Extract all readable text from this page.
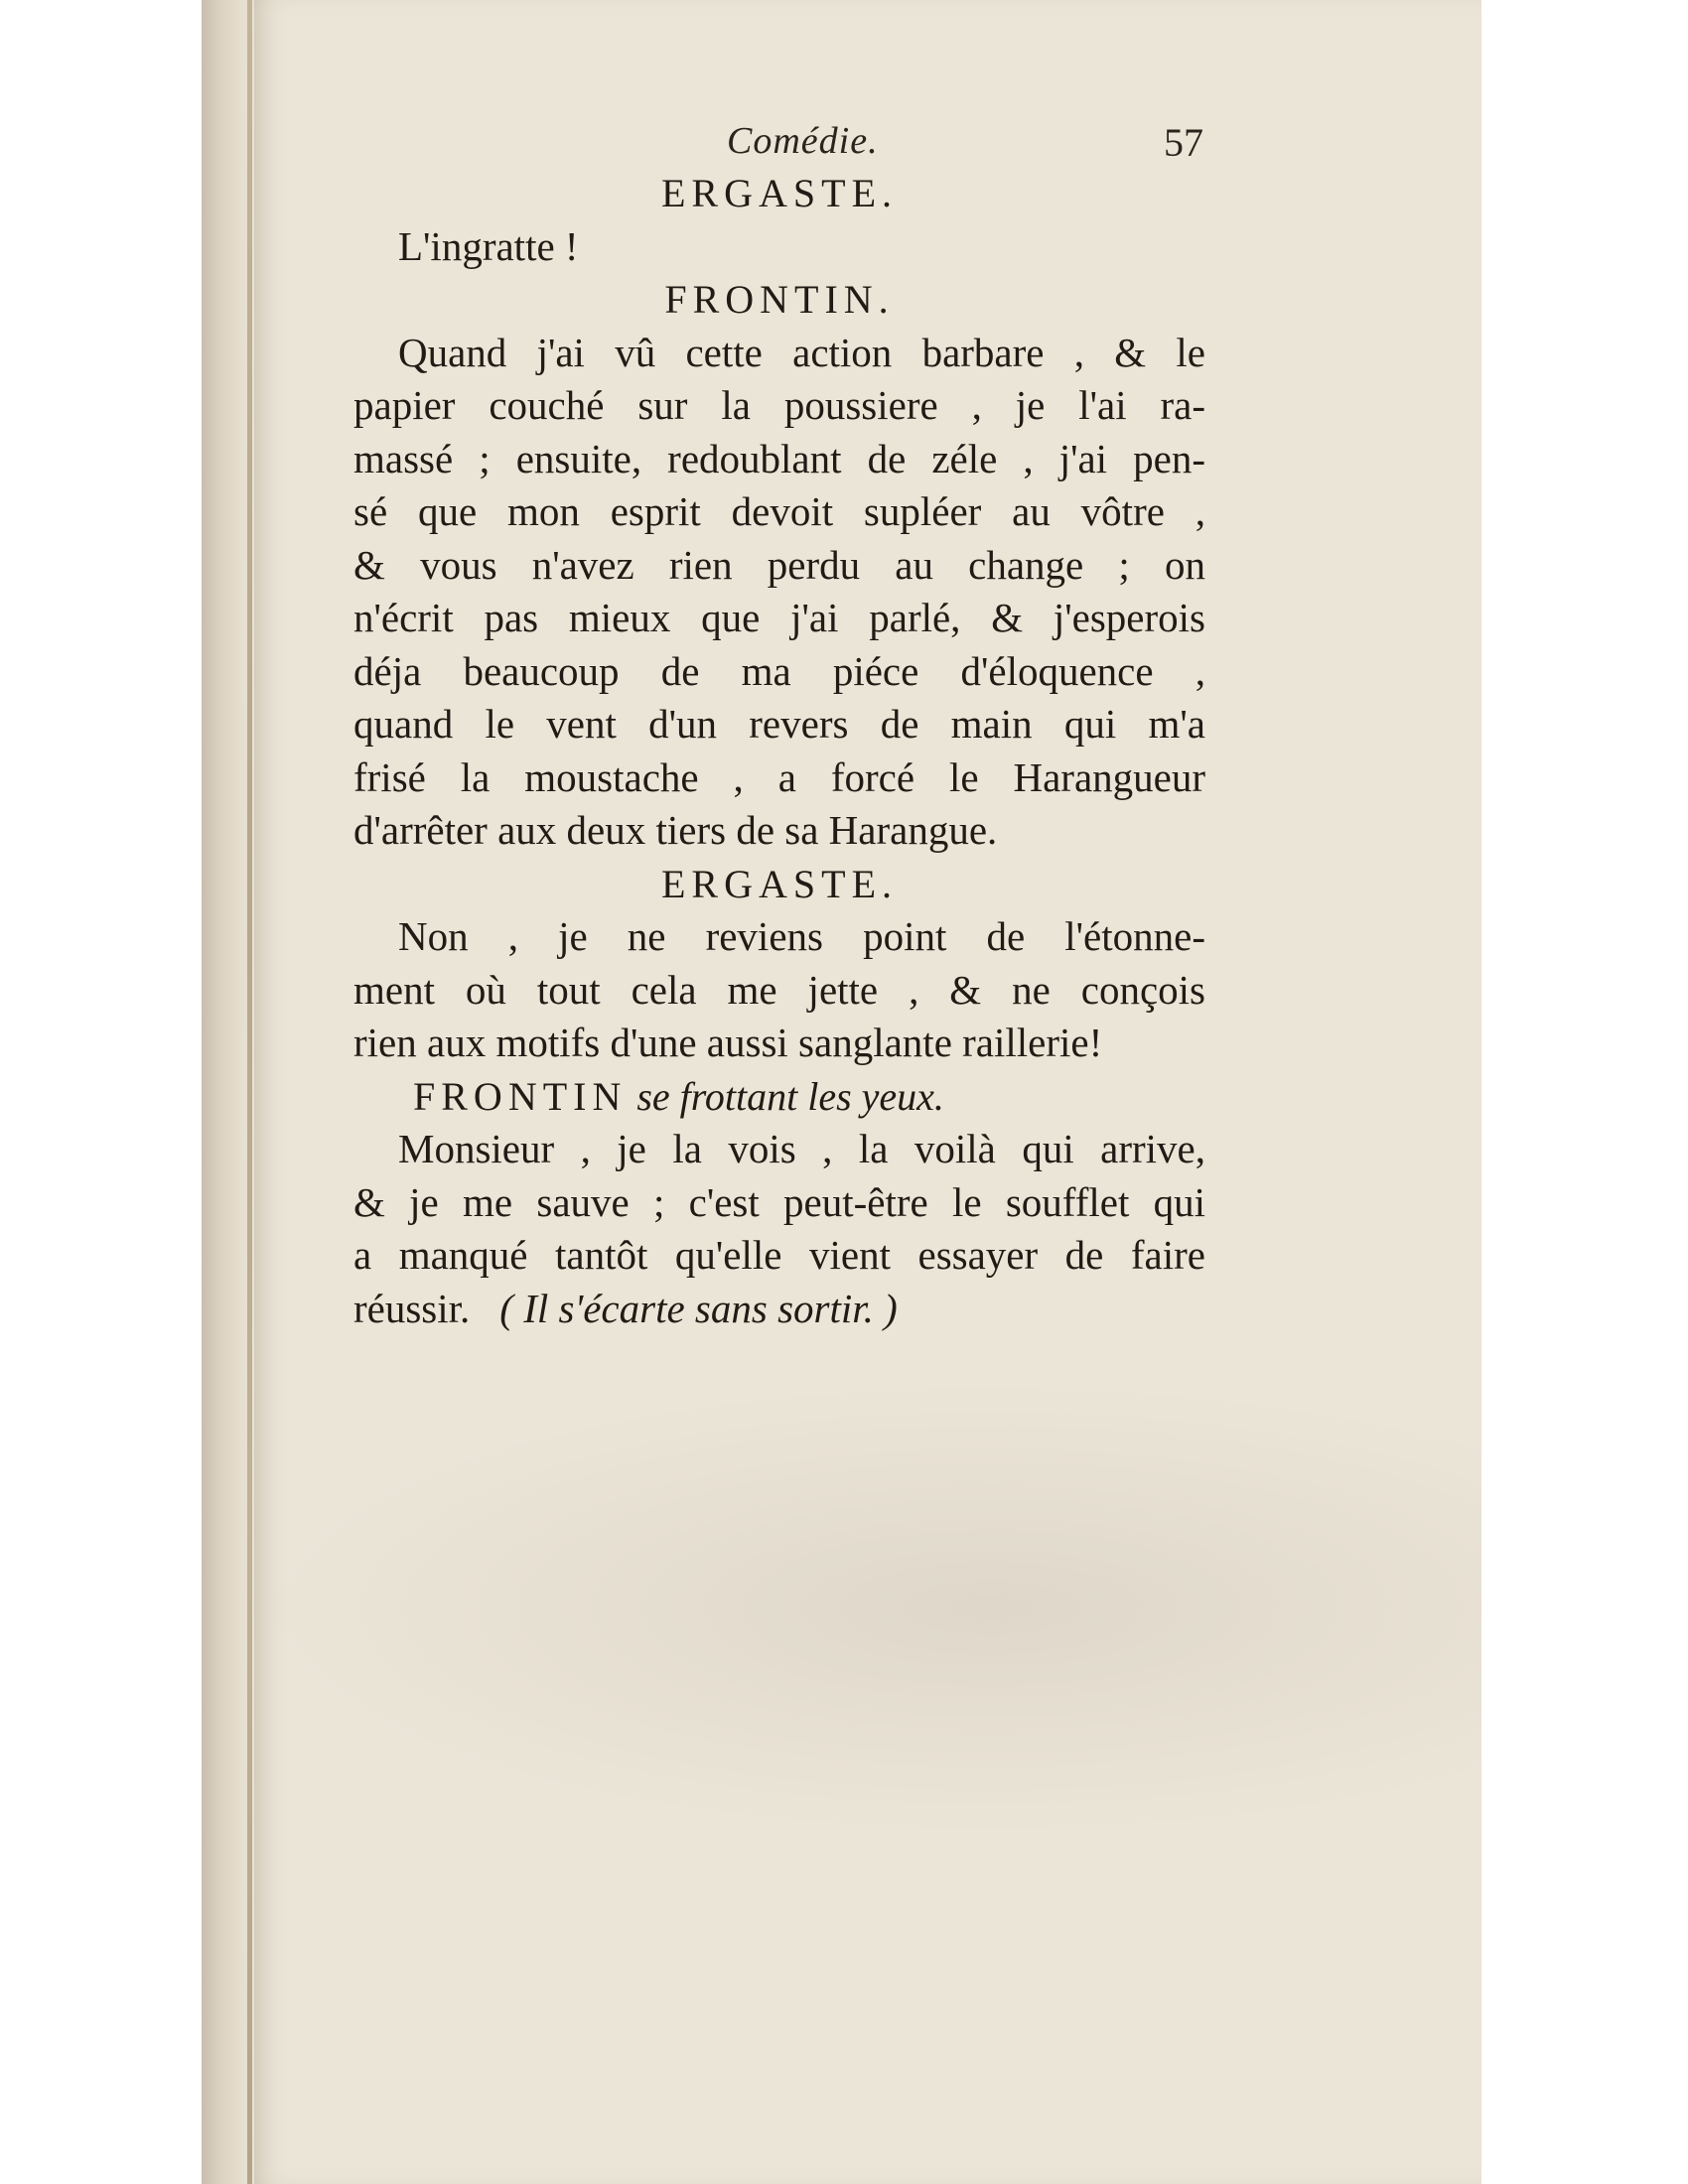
Comédie.	57
ERGASTE.
L'ingratte !
FRONTIN.
Quand j'ai vû cette action barbare , & le
papier couché sur la poussiere , je l'ai ra-
massé ; ensuite, redoublant de zéle , j'ai pen-
sé que mon esprit devoit supléer au vôtre ,
& vous n'avez rien perdu au change ; on
n'écrit pas mieux que j'ai parlé, & j'esperois
déja beaucoup de ma piéce d'éloquence ,
quand le vent d'un revers de main qui m'a
frisé la moustache , a forcé le Harangueur
d'arrêter aux deux tiers de sa Harangue.
ERGASTE.
Non , je ne reviens point de l'étonne-
ment où tout cela me jette , & ne conçois
rien aux motifs d'une aussi sanglante raillerie!
FRONTIN se frottant les yeux.
Monsieur , je la vois , la voilà qui arrive,
& je me sauve ; c'est peut-être le soufflet qui
a manqué tantôt qu'elle vient essayer de faire
réussir. ( Il s'écarte sans sortir. )
